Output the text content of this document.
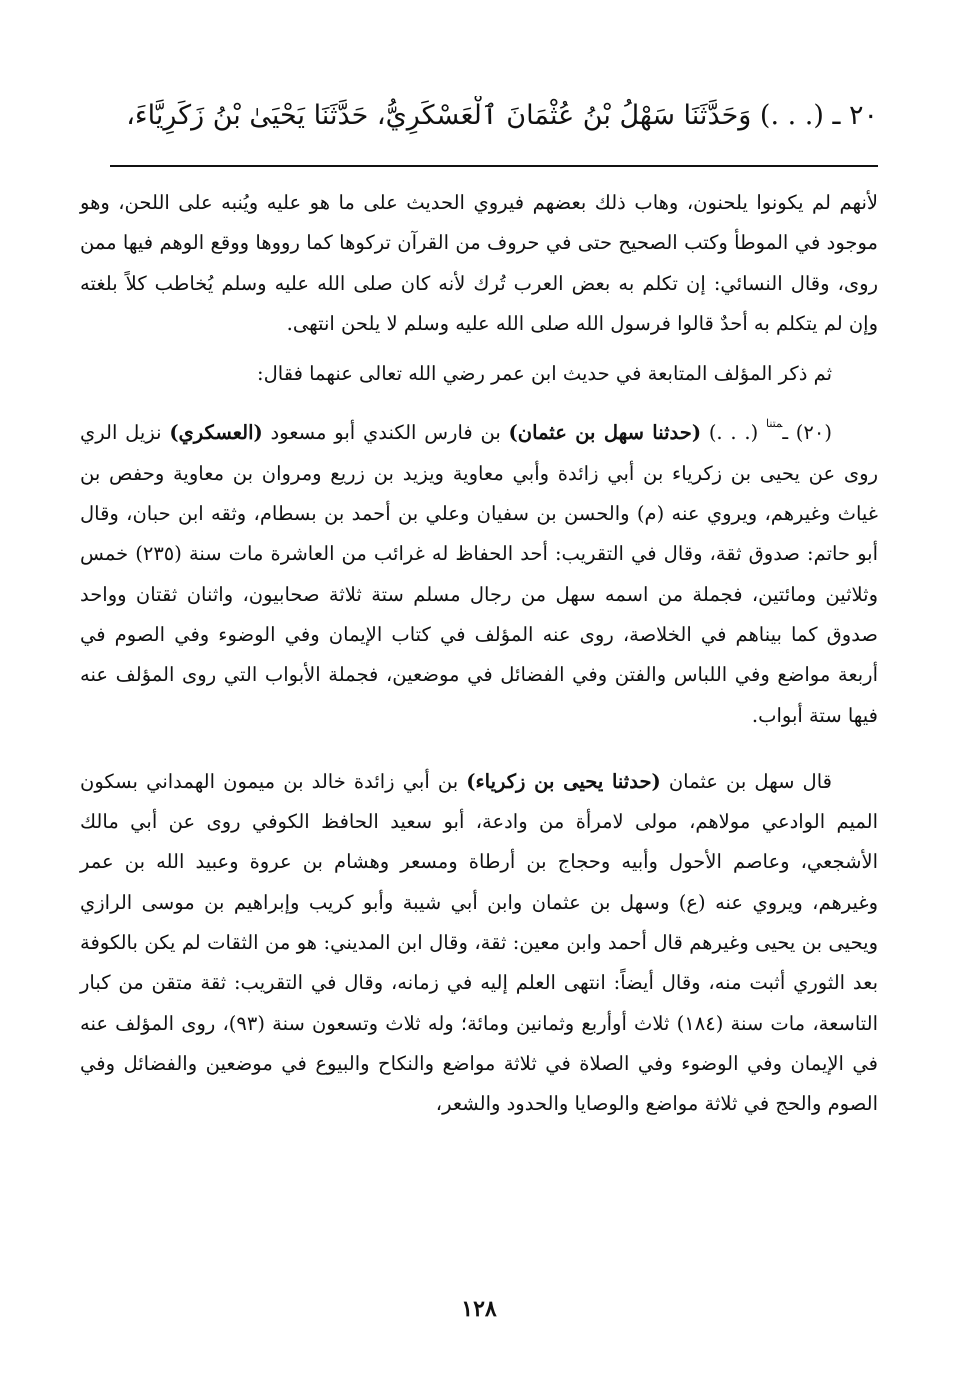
٢٠ ـ (. . .) وَحَدَّثَنَا سَهْلُ بْنُ عُثْمَانَ ٱلْعَسْكَرِيُّ، حَدَّثَنَا يَحْيَىٰ بْنُ زَكَرِيَّاءَ،

لأنهم لم يكونوا يلحنون، وهاب ذلك بعضهم فيروي الحديث على ما هو عليه ويُنبه على اللحن، وهو موجود في الموطأ وكتب الصحيح حتى في حروف من القرآن تركوها كما رووها ووقع الوهم فيها ممن روى، وقال النسائي: إن تكلم به بعض العرب تُرك لأنه كان صلى الله عليه وسلم يُخاطب كلاً بلغته وإن لم يتكلم به أحدٌ قالوا فرسول الله صلى الله عليه وسلم لا يلحن انتهى.

ثم ذكر المؤلف المتابعة في حديث ابن عمر رضي الله تعالى عنهما فقال:

(٢٠) ـ$^{متنا}$ (. . .) (حدثنا سهل بن عثمان) بن فارس الكندي أبو مسعود (العسكري) نزيل الري روى عن يحيى بن زكرياء بن أبي زائدة وأبي معاوية ويزيد بن زريع ومروان بن معاوية وحفص بن غياث وغيرهم، ويروي عنه (م) والحسن بن سفيان وعلي بن أحمد بن بسطام، وثقه ابن حبان، وقال أبو حاتم: صدوق ثقة، وقال في التقريب: أحد الحفاظ له غرائب من العاشرة مات سنة (٢٣٥) خمس وثلاثين ومائتين، فجملة من اسمه سهل من رجال مسلم ستة ثلاثة صحابيون، واثنان ثقتان وواحد صدوق كما بيناهم في الخلاصة، روى عنه المؤلف في كتاب الإيمان وفي الوضوء وفي الصوم في أربعة مواضع وفي اللباس والفتن وفي الفضائل في موضعين، فجملة الأبواب التي روى المؤلف عنه فيها ستة أبواب.

قال سهل بن عثمان (حدثنا يحيى بن زكرياء) بن أبي زائدة خالد بن ميمون الهمداني بسكون الميم الوادعي مولاهم، مولى لامرأة من وادعة، أبو سعيد الحافظ الكوفي روى عن أبي مالك الأشجعي، وعاصم الأحول وأبيه وحجاج بن أرطاة ومسعر وهشام بن عروة وعبيد الله بن عمر وغيرهم، ويروي عنه (ع) وسهل بن عثمان وابن أبي شيبة وأبو كريب وإبراهيم بن موسى الرازي ويحيى بن يحيى وغيرهم قال أحمد وابن معين: ثقة، وقال ابن المديني: هو من الثقات لم يكن بالكوفة بعد الثوري أثبت منه، وقال أيضاً: انتهى العلم إليه في زمانه، وقال في التقريب: ثقة متقن من كبار التاسعة، مات سنة (١٨٤) ثلاث أوأربع وثمانين ومائة؛ وله ثلاث وتسعون سنة (٩٣)، روى المؤلف عنه في الإيمان وفي الوضوء وفي الصلاة في ثلاثة مواضع والنكاح والبيوع في موضعين والفضائل وفي الصوم والحج في ثلاثة مواضع والوصايا والحدود والشعر،

١٢٨
